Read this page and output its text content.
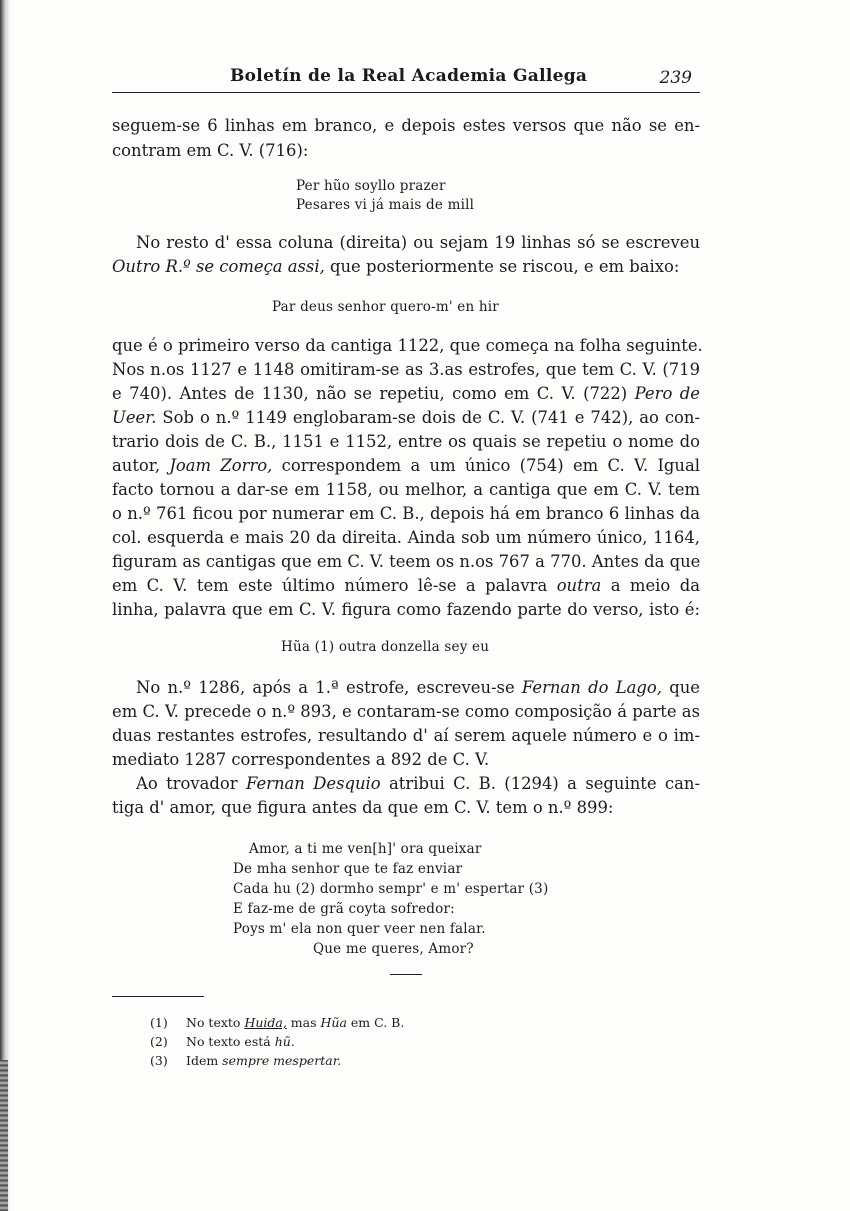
Boletín de la Real Academia Gallega	239
seguem-se 6 linhas em branco, e depois estes versos que não se en-
contram em C. V. (716):
Per hũo soyllo prazer
Pesares vi já mais de mill
No resto d' essa coluna (direita) ou sejam 19 linhas só se escreveu
Outro R.º se começa assi, que posteriormente se riscou, e em baixo:
Par deus senhor quero-m' en hir
que é o primeiro verso da cantiga 1122, que começa na folha seguinte.
Nos n.os 1127 e 1148 omitiram-se as 3.as estrofes, que tem C. V. (719
e 740). Antes de 1130, não se repetiu, como em C. V. (722) Pero de
Ueer. Sob o n.º 1149 englobaram-se dois de C. V. (741 e 742), ao con-
trario dois de C. B., 1151 e 1152, entre os quais se repetiu o nome do
autor, Joam Zorro, correspondem a um único (754) em C. V. Igual
facto tornou a dar-se em 1158, ou melhor, a cantiga que em C. V. tem
o n.º 761 ficou por numerar em C. B., depois há em branco 6 linhas da
col. esquerda e mais 20 da direita. Ainda sob um número único, 1164,
figuram as cantigas que em C. V. teem os n.os 767 a 770. Antes da que
em C. V. tem este último número lê-se a palavra outra a meio da
linha, palavra que em C. V. figura como fazendo parte do verso, isto é:
Hũa (1) outra donzella sey eu
No n.º 1286, após a 1.ª estrofe, escreveu-se Fernan do Lago, que
em C. V. precede o n.º 893, e contaram-se como composição á parte as
duas restantes estrofes, resultando d' aí serem aquele número e o im-
mediato 1287 correspondentes a 892 de C. V.
Ao trovador Fernan Desquio atribui C. B. (1294) a seguinte can-
tiga d' amor, que figura antes da que em C. V. tem o n.º 899:
Amor, a ti me ven[h]' ora queixar
De mha senhor que te faz enviar
Cada hu (2) dormho sempr' e m' espertar (3)
E faz-me de grã coyta sofredor:
Poys m' ela non quer veer nen falar.
Que me queres, Amor?
(1) No texto Huida, mas Hũa em C. B.
(2) No texto está hũ.
(3) Idem sempre mespertar.
